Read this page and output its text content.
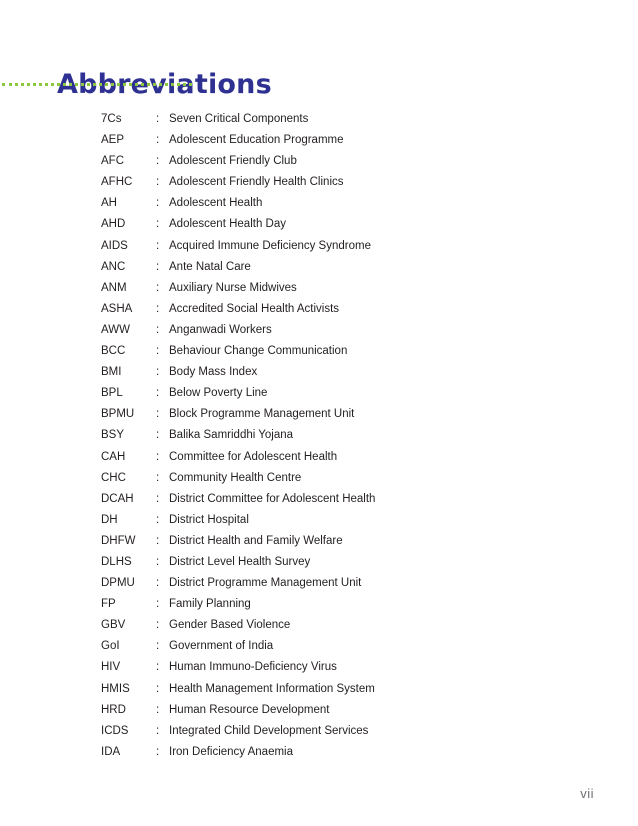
Abbreviations
7Cs	: Seven Critical Components
AEP	: Adolescent Education Programme
AFC	: Adolescent Friendly Club
AFHC : Adolescent Friendly Health Clinics
AH	: Adolescent Health
AHD	: Adolescent Health Day
AIDS : Acquired Immune Deficiency Syndrome
ANC	: Ante Natal Care
ANM	: Auxiliary Nurse Midwives
ASHA : Accredited Social Health Activists
AWW : Anganwadi Workers
BCC	: Behaviour Change Communication
BMI	: Body Mass Index
BPL	: Below Poverty Line
BPMU : Block Programme Management Unit
BSY	: Balika Samriddhi Yojana
CAH	: Committee for Adolescent Health
CHC	: Community Health Centre
DCAH : District Committee for Adolescent Health
DH	: District Hospital
DHFW : District Health and Family Welfare
DLHS : District Level Health Survey
DPMU : District Programme Management Unit
FP	: Family Planning
GBV	: Gender Based Violence
GoI	: Government of India
HIV	: Human Immuno-Deficiency Virus
HMIS : Health Management Information System
HRD	: Human Resource Development
ICDS : Integrated Child Development Services
IDA	: Iron Deficiency Anaemia
vii
